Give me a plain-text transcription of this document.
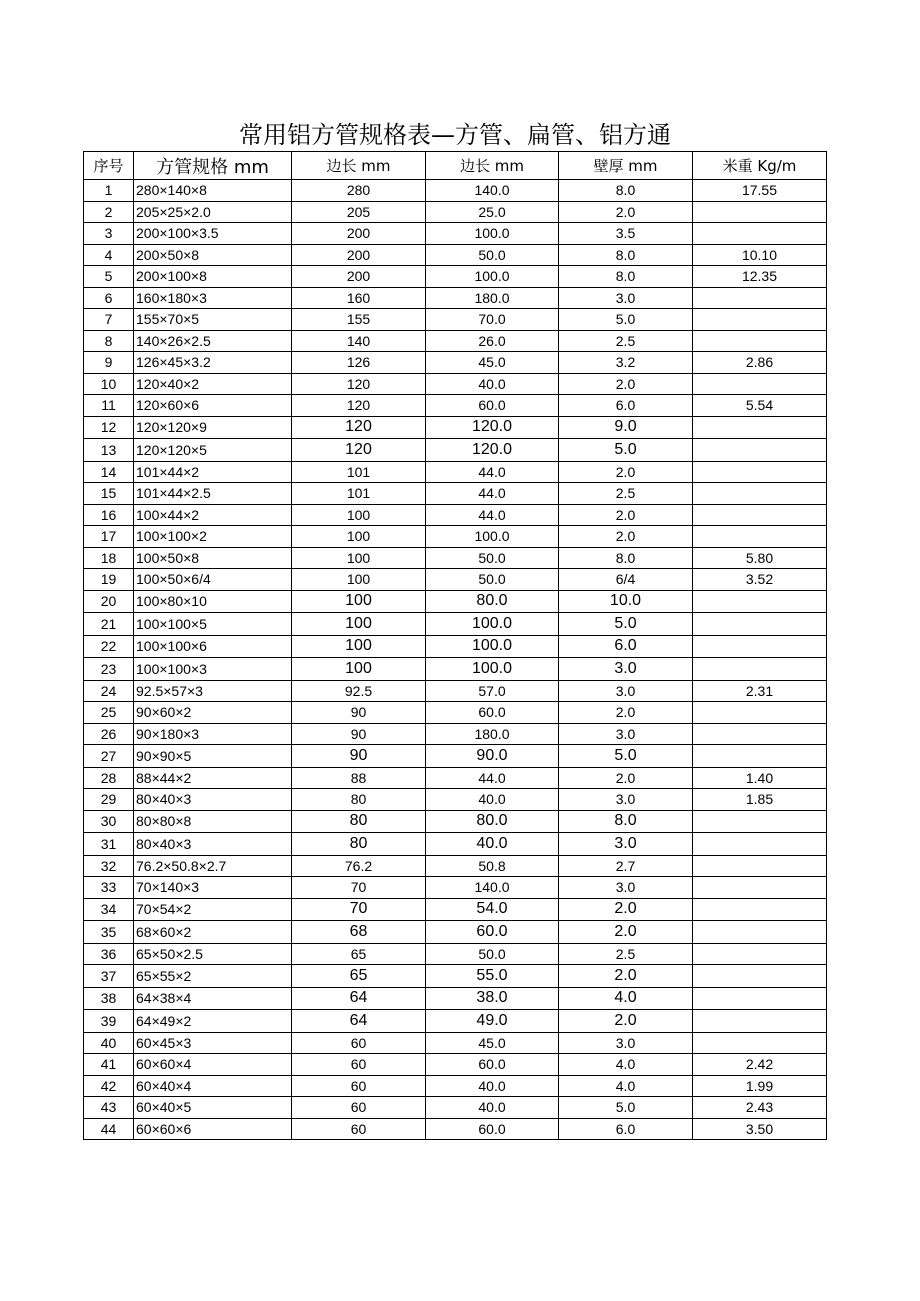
常用铝方管规格表—方管、扁管、铝方通
序号	方管规格 mm	边长 mm	边长 mm	壁厚 mm	米重 Kg/m
1	280×140×8	280	140.0	8.0	17.55
2	205×25×2.0	205	25.0	2.0	
3	200×100×3.5	200	100.0	3.5	
4	200×50×8	200	50.0	8.0	10.10
5	200×100×8	200	100.0	8.0	12.35
6	160×180×3	160	180.0	3.0	
7	155×70×5	155	70.0	5.0	
8	140×26×2.5	140	26.0	2.5	
9	126×45×3.2	126	45.0	3.2	2.86
10	120×40×2	120	40.0	2.0	
11	120×60×6	120	60.0	6.0	5.54
12	120×120×9	120	120.0	9.0	
13	120×120×5	120	120.0	5.0	
14	101×44×2	101	44.0	2.0	
15	101×44×2.5	101	44.0	2.5	
16	100×44×2	100	44.0	2.0	
17	100×100×2	100	100.0	2.0	
18	100×50×8	100	50.0	8.0	5.80
19	100×50×6/4	100	50.0	6/4	3.52
20	100×80×10	100	80.0	10.0	
21	100×100×5	100	100.0	5.0	
22	100×100×6	100	100.0	6.0	
23	100×100×3	100	100.0	3.0	
24	92.5×57×3	92.5	57.0	3.0	2.31
25	90×60×2	90	60.0	2.0	
26	90×180×3	90	180.0	3.0	
27	90×90×5	90	90.0	5.0	
28	88×44×2	88	44.0	2.0	1.40
29	80×40×3	80	40.0	3.0	1.85
30	80×80×8	80	80.0	8.0	
31	80×40×3	80	40.0	3.0	
32	76.2×50.8×2.7	76.2	50.8	2.7	
33	70×140×3	70	140.0	3.0	
34	70×54×2	70	54.0	2.0	
35	68×60×2	68	60.0	2.0	
36	65×50×2.5	65	50.0	2.5	
37	65×55×2	65	55.0	2.0	
38	64×38×4	64	38.0	4.0	
39	64×49×2	64	49.0	2.0	
40	60×45×3	60	45.0	3.0	
41	60×60×4	60	60.0	4.0	2.42
42	60×40×4	60	40.0	4.0	1.99
43	60×40×5	60	40.0	5.0	2.43
44	60×60×6	60	60.0	6.0	3.50
